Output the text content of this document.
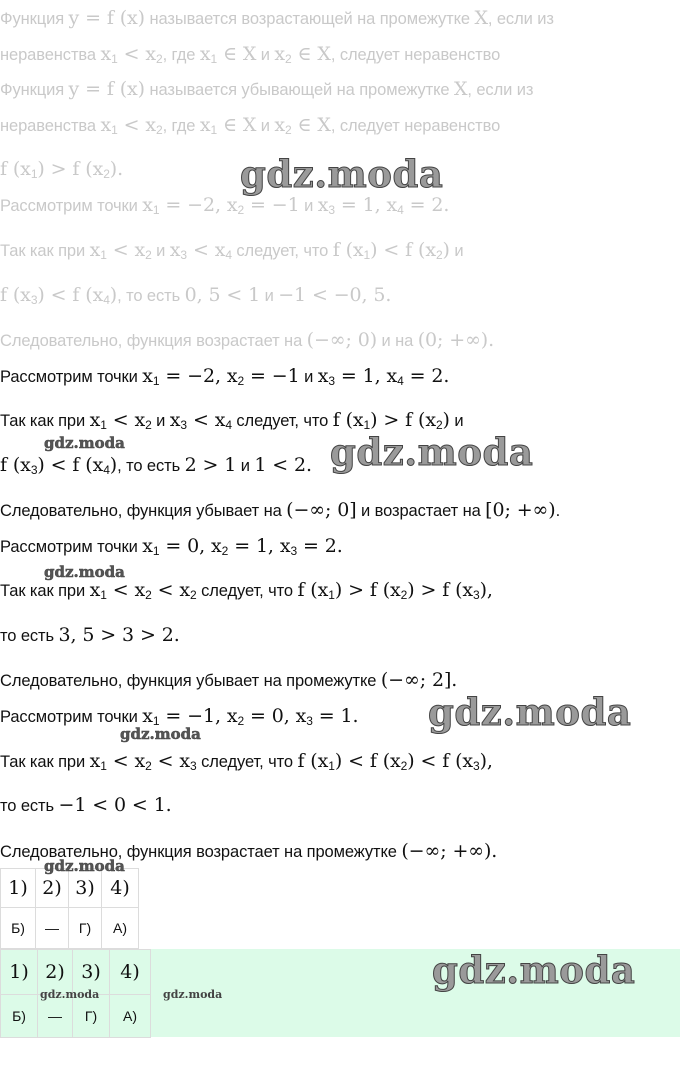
Функция y = f (x) называется возрастающей на промежутке X, если из
неравенства $x_1 < x_2$, где $x_1$ ∈ X и $x_2$ ∈ X, следует неравенство
Функция y = f (x) называется убывающей на промежутке X, если из
неравенства $x_1 < x_2$, где $x_1$ ∈ X и $x_2$ ∈ X, следует неравенство
f $(x_1) > f$ $(x_2)$.
Рассмотрим точки $x_1 = -2$, $x_2 = -1$ и $x_3 = 1$, $x_4 = 2$.
Так как при $x_1 < x_2$ и $x_3 < x_4$ следует, что f $(x_1) < f$ $(x_2)$ и
f $(x_3) < f$ $(x_4)$, то есть 0, 5 < 1 и −1 < −0, 5.
Следовательно, функция возрастает на (−∞; 0) и на (0; +∞).
Рассмотрим точки $x_1 = -2$, $x_2 = -1$ и $x_3 = 1$, $x_4 = 2$.
Так как при $x_1 < x_2$ и $x_3 < x_4$ следует, что f $(x_1) > f$ $(x_2)$ и
f $(x_3) < f$ $(x_4)$, то есть 2 > 1 и 1 < 2.
Следовательно, функция убывает на (−∞; 0] и возрастает на [0; +∞).
Рассмотрим точки $x_1 = 0$, $x_2 = 1$, $x_3 = 2$.
Так как при $x_1 < x_2 < x_2$ следует, что f $(x_1) > f$ $(x_2) > f$ $(x_3)$,
то есть 3, 5 > 3 > 2.
Следовательно, функция убывает на промежутке (−∞; 2].
Рассмотрим точки $x_1 = -1$, $x_2 = 0$, $x_3 = 1$.
Так как при $x_1 < x_2 < x_3$ следует, что f $(x_1) < f$ $(x_2) < f$ $(x_3)$,
то есть −1 < 0 < 1.
Следовательно, функция возрастает на промежутке (−∞; +∞).
1)	2)	3)	4)
Б)	—	Г)	А)
1)	2)	3)	4)
Б)	—	Г)	А)
gdz.moda
gdz.moda
gdz.moda
gdz.moda
gdz.moda
gdz.moda
gdz.moda
gdz.moda
gdz.moda	gdz.moda
